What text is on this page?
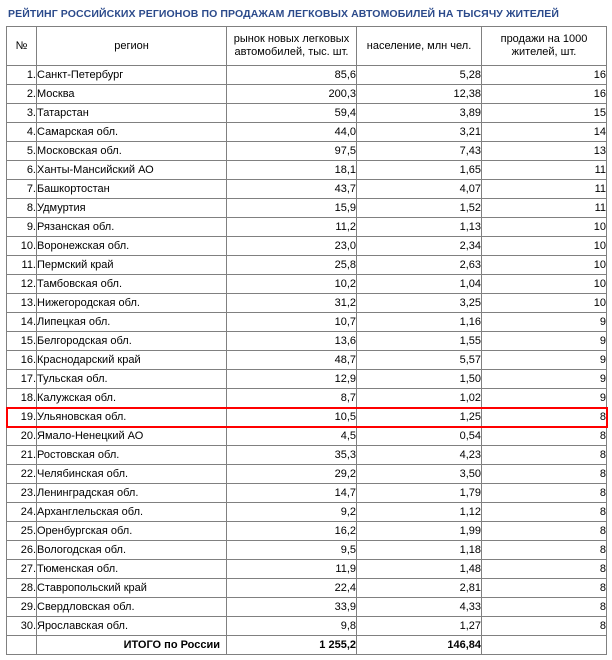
РЕЙТИНГ РОССИЙСКИХ РЕГИОНОВ ПО ПРОДАЖАМ ЛЕГКОВЫХ АВТОМОБИЛЕЙ НА ТЫСЯЧУ ЖИТЕЛЕЙ
№	регион	рынок новых легковых автомобилей, тыс. шт.	население, млн чел.	продажи на 1000 жителей, шт.
1.	Санкт-Петербург	85,6	5,28	16
2.	Москва	200,3	12,38	16
3.	Татарстан	59,4	3,89	15
4.	Самарская обл.	44,0	3,21	14
5.	Московская обл.	97,5	7,43	13
6.	Ханты-Мансийский АО	18,1	1,65	11
7.	Башкортостан	43,7	4,07	11
8.	Удмуртия	15,9	1,52	11
9.	Рязанская обл.	11,2	1,13	10
10.	Воронежская обл.	23,0	2,34	10
11.	Пермский край	25,8	2,63	10
12.	Тамбовская обл.	10,2	1,04	10
13.	Нижегородская обл.	31,2	3,25	10
14.	Липецкая обл.	10,7	1,16	9
15.	Белгородская обл.	13,6	1,55	9
16.	Краснодарский край	48,7	5,57	9
17.	Тульская обл.	12,9	1,50	9
18.	Калужская обл.	8,7	1,02	9
19.	Ульяновская обл.	10,5	1,25	8
20.	Ямало-Ненецкий АО	4,5	0,54	8
21.	Ростовская обл.	35,3	4,23	8
22.	Челябинская обл.	29,2	3,50	8
23.	Ленинградская обл.	14,7	1,79	8
24.	Арханглельская обл.	9,2	1,12	8
25.	Оренбургская обл.	16,2	1,99	8
26.	Вологодская обл.	9,5	1,18	8
27.	Тюменская обл.	11,9	1,48	8
28.	Ставропольский край	22,4	2,81	8
29.	Свердловская обл.	33,9	4,33	8
30.	Ярославская обл.	9,8	1,27	8
	ИТОГО по России	1 255,2	146,84	
